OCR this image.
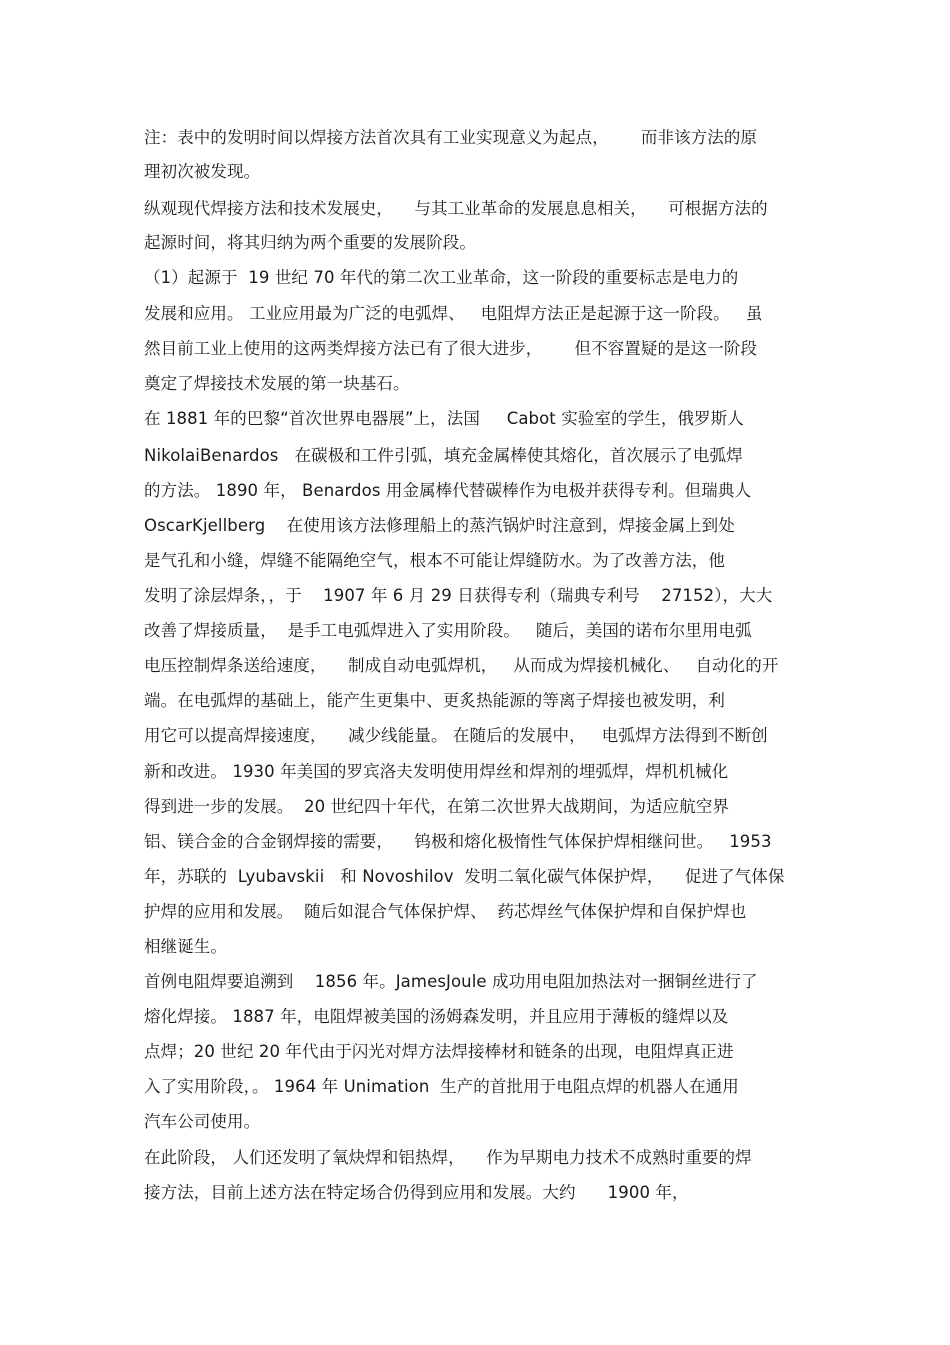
注：表中的发明时间以焊接方法首次具有工业实现意义为起点，      而非该方法的原
理初次被发现。
纵观现代焊接方法和技术发展史，    与其工业革命的发展息息相关，    可根据方法的
起源时间，将其归纳为两个重要的发展阶段。
（1）起源于  19 世纪 70 年代的第二次工业革命，这一阶段的重要标志是电力的
发展和应用。 工业应用最为广泛的电弧焊、   电阻焊方法正是起源于这一阶段。   虽
然目前工业上使用的这两类焊接方法已有了很大进步，      但不容置疑的是这一阶段
奠定了焊接技术发展的第一块基石。
在 1881 年的巴黎“首次世界电器展”上，法国     Cabot 实验室的学生，俄罗斯人
NikolaiBenardos   在碳极和工件引弧，填充金属棒使其熔化，首次展示了电弧焊
的方法。 1890 年， Benardos 用金属棒代替碳棒作为电极并获得专利。但瑞典人
OscarKjellberg    在使用该方法修理船上的蒸汽锅炉时注意到，焊接金属上到处
是气孔和小缝，焊缝不能隔绝空气，根本不可能让焊缝防水。为了改善方法，他
发明了涂层焊条，，于    1907 年 6 月 29 日获得专利（瑞典专利号    27152），大大
改善了焊接质量，  是手工电弧焊进入了实用阶段。   随后，美国的诺布尔里用电弧
电压控制焊条送给速度，    制成自动电弧焊机，   从而成为焊接机械化、   自动化的开
端。在电弧焊的基础上，能产生更集中、更炙热能源的等离子焊接也被发明，利
用它可以提高焊接速度，    减少线能量。 在随后的发展中，   电弧焊方法得到不断创
新和改进。 1930 年美国的罗宾洛夫发明使用焊丝和焊剂的埋弧焊，焊机机械化
得到进一步的发展。  20 世纪四十年代，在第二次世界大战期间，为适应航空界
铝、镁合金的合金钢焊接的需要，    钨极和熔化极惰性气体保护焊相继问世。   1953
年，苏联的  Lyubavskii   和 Novoshilov  发明二氧化碳气体保护焊，    促进了气体保
护焊的应用和发展。  随后如混合气体保护焊、  药芯焊丝气体保护焊和自保护焊也
相继诞生。
首例电阻焊要追溯到    1856 年。JamesJoule 成功用电阻加热法对一捆铜丝进行了
熔化焊接。 1887 年，电阻焊被美国的汤姆森发明，并且应用于薄板的缝焊以及
点焊；20 世纪 20 年代由于闪光对焊方法焊接棒材和链条的出现，电阻焊真正进
入了实用阶段，。 1964 年 Unimation  生产的首批用于电阻点焊的机器人在通用
汽车公司使用。
在此阶段， 人们还发明了氧炔焊和铝热焊，    作为早期电力技术不成熟时重要的焊
接方法，目前上述方法在特定场合仍得到应用和发展。大约      1900 年，
